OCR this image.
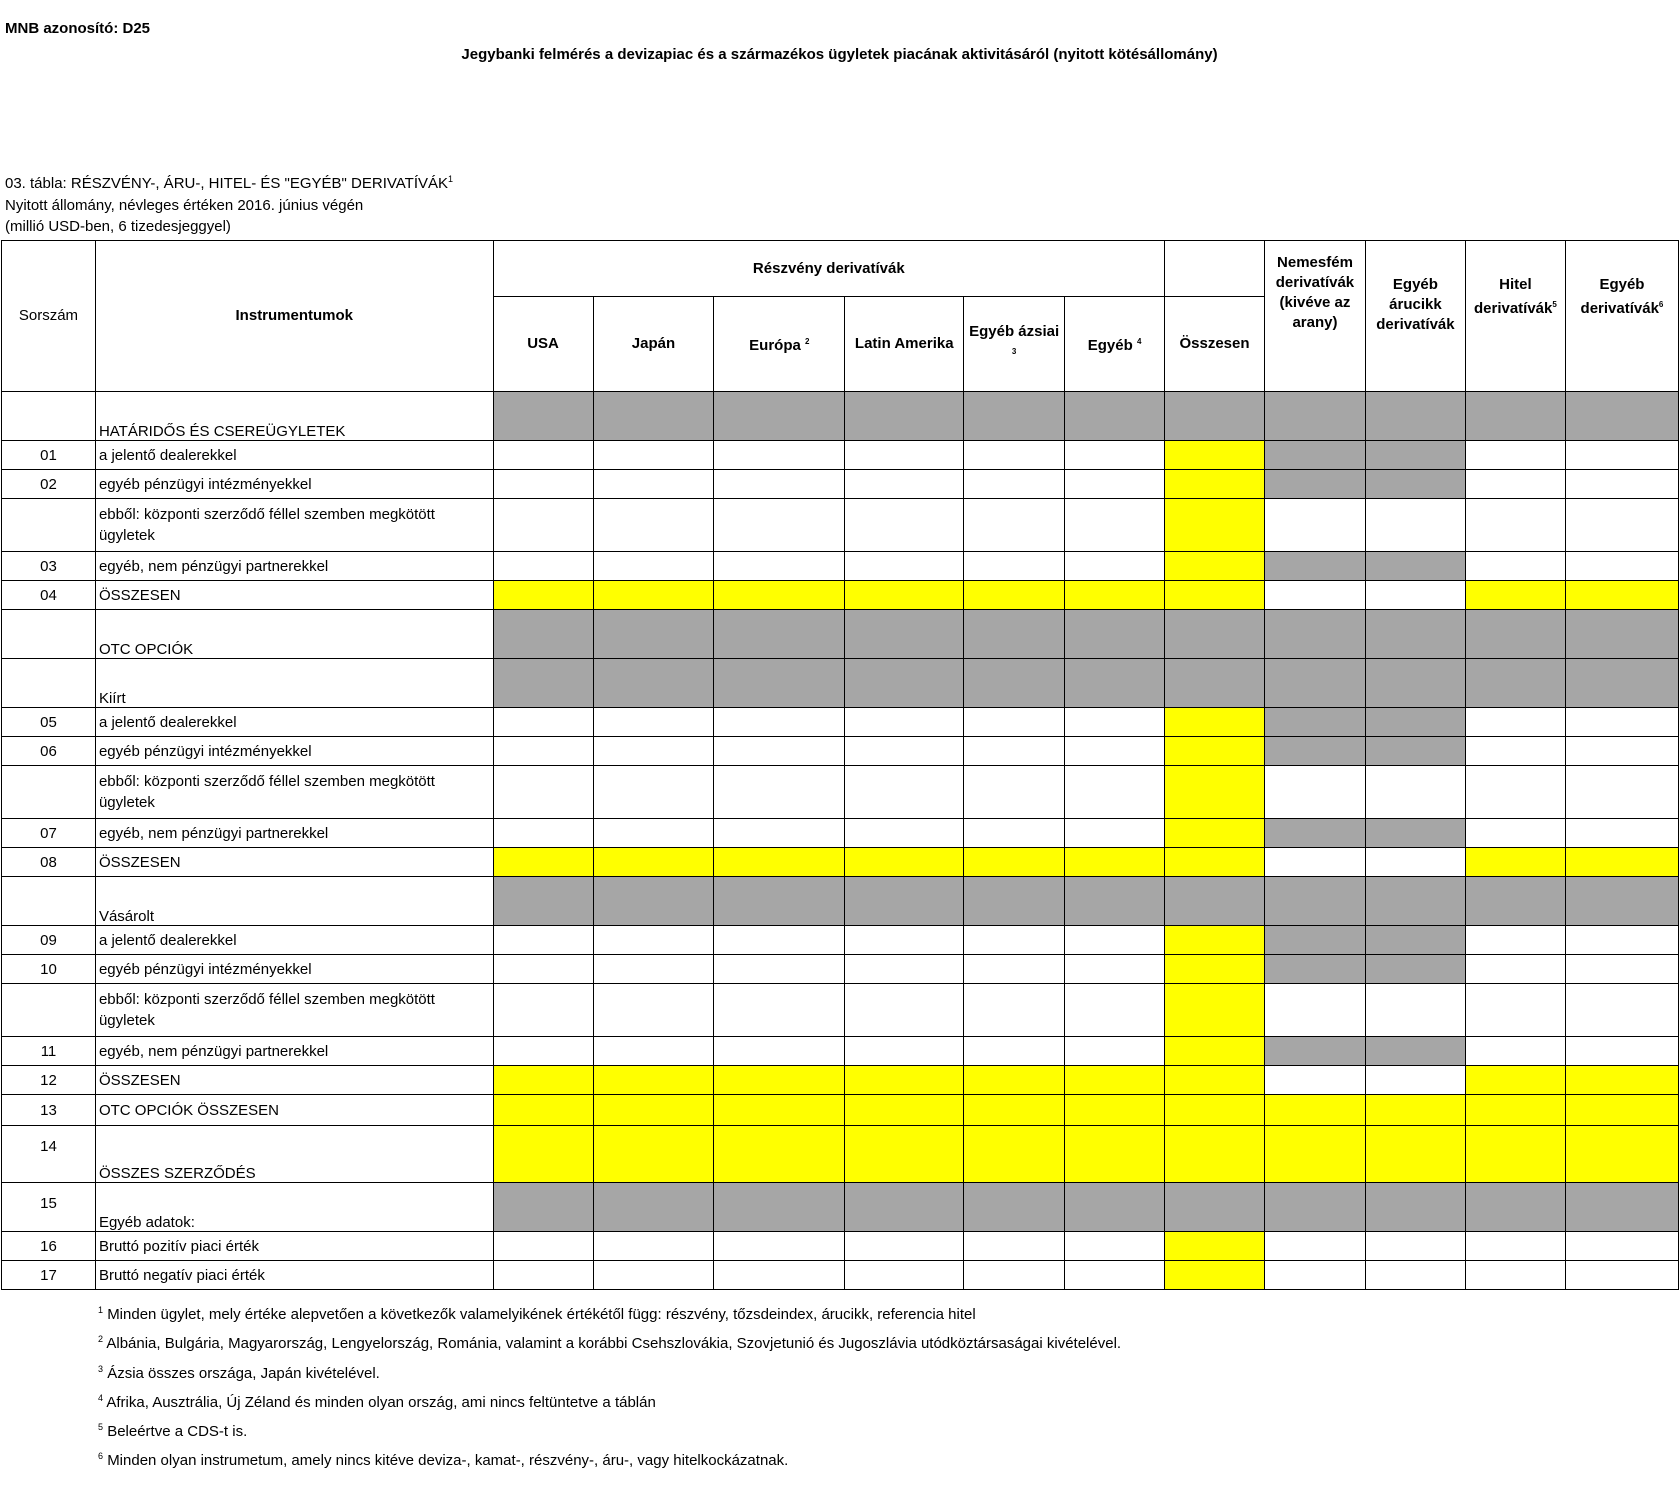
MNB azonosító: D25
Jegybanki felmérés a devizapiac és a származékos ügyletek piacának aktivitásáról (nyitott kötésállomány)
03. tábla: RÉSZVÉNY-, ÁRU-, HITEL- ÉS "EGYÉB" DERIVATÍVÁK$^1$
Nyitott állomány, névleges értéken 2016. június végén
(millió USD-ben, 6 tizedesjeggyel)
Sorszám	Instrumentumok	Részvény derivatívák							Nemesfém derivatívák (kivéve az arany)	Egyéb árucikk derivatívák	Hitel derivatívák$^5$	Egyéb derivatívák$^6$
		USA	Japán	Európa $^2$	Latin Amerika	Egyéb ázsiai $^3$	Egyéb $^4$	Összesen				
	HATÁRIDŐS ÉS CSEREÜGYLETEK											
01	a jelentő dealerekkel											
02	egyéb pénzügyi intézményekkel											
	ebből: központi szerződő féllel szemben megkötött ügyletek											
03	egyéb, nem pénzügyi partnerekkel											
04	ÖSSZESEN											
	OTC OPCIÓK											
	Kiírt											
05	a jelentő dealerekkel											
06	egyéb pénzügyi intézményekkel											
	ebből: központi szerződő féllel szemben megkötött ügyletek											
07	egyéb, nem pénzügyi partnerekkel											
08	ÖSSZESEN											
	Vásárolt											
09	a jelentő dealerekkel											
10	egyéb pénzügyi intézményekkel											
	ebből: központi szerződő féllel szemben megkötött ügyletek											
11	egyéb, nem pénzügyi partnerekkel											
12	ÖSSZESEN											
13	OTC OPCIÓK ÖSSZESEN											
14	ÖSSZES SZERZŐDÉS											
15	Egyéb adatok:											
16	Bruttó pozitív piaci érték											
17	Bruttó negatív piaci érték											
$^1$ Minden ügylet, mely értéke alepvetően a következők valamelyikének értékétől függ: részvény, tőzsdeindex, árucikk, referencia hitel
$^2$ Albánia, Bulgária, Magyarország, Lengyelország, Románia, valamint a korábbi Csehszlovákia, Szovjetunió és Jugoszlávia utódköztársaságai kivételével.
$^3$ Ázsia összes országa, Japán kivételével.
$^4$ Afrika, Ausztrália, Új Zéland és minden olyan ország, ami nincs feltüntetve a táblán
$^5$ Beleértve a CDS-t is.
$^6$ Minden olyan instrumetum, amely nincs kitéve deviza-, kamat-, részvény-, áru-, vagy hitelkockázatnak.
